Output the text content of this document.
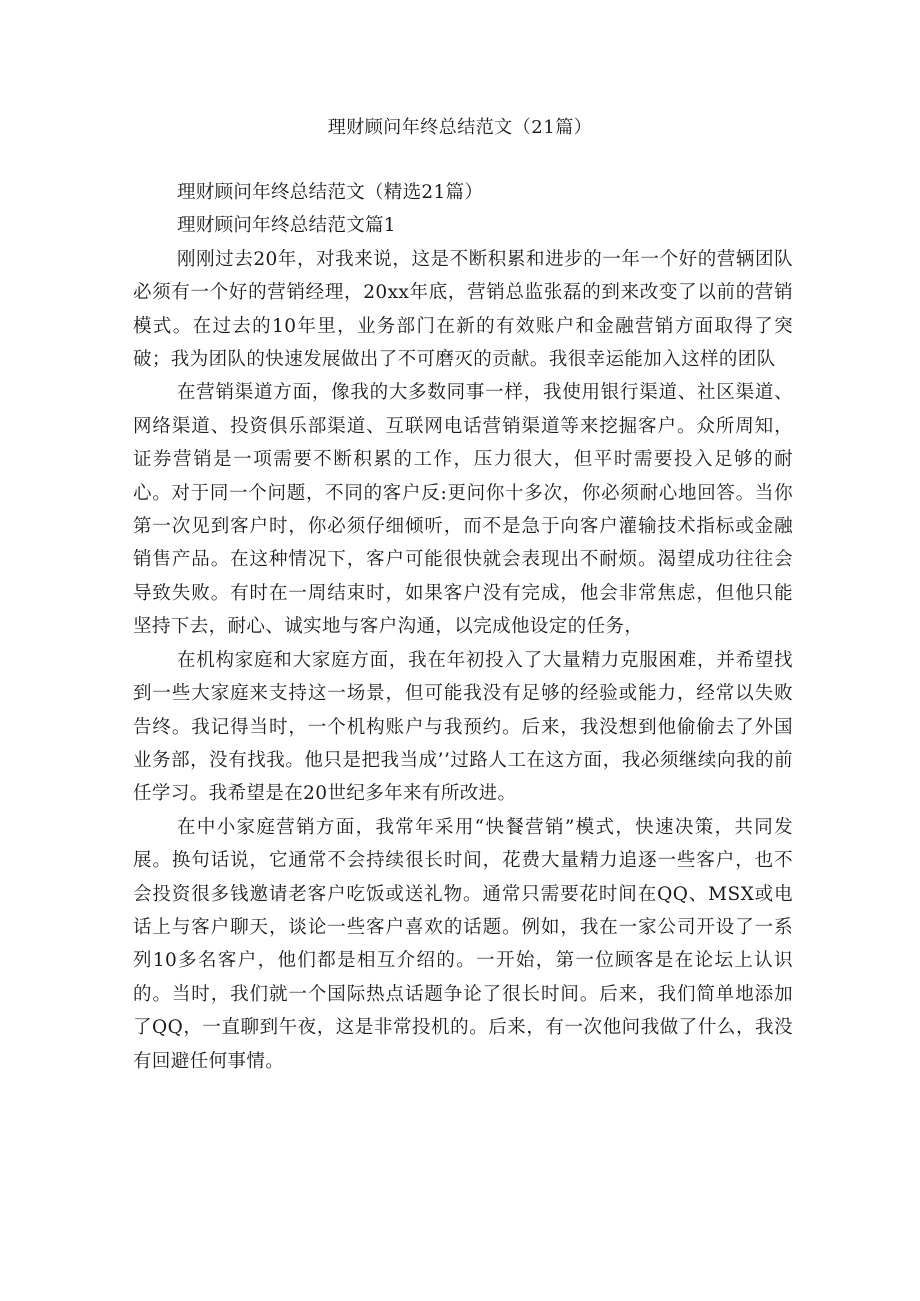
理财顾问年终总结范文（21篇）

理财顾问年终总结范文（精选21篇）

理财顾问年终总结范文篇1

刚刚过去20年，对我来说，这是不断积累和进步的一年一个好的营辆团队必须有一个好的营销经理，20xx年底，营销总监张磊的到来改变了以前的营销模式。在过去的10年里，业务部门在新的有效账户和金融营销方面取得了突破；我为团队的快速发展做出了不可磨灭的贡献。我很幸运能加入这样的团队

在营销渠道方面，像我的大多数同事一样，我使用银行渠道、社区渠道、网络渠道、投资俱乐部渠道、互联网电话营销渠道等来挖掘客户。众所周知，证券营销是一项需要不断积累的工作，压力很大，但平时需要投入足够的耐心。对于同一个问题，不同的客户反:更问你十多次，你必须耐心地回答。当你第一次见到客户时，你必须仔细倾听，而不是急于向客户灌输技术指标或金融销售产品。在这种情况下，客户可能很快就会表现出不耐烦。渴望成功往往会导致失败。有时在一周结束时，如果客户没有完成，他会非常焦虑，但他只能坚持下去，耐心、诚实地与客户沟通，以完成他设定的任务，

在机构家庭和大家庭方面，我在年初投入了大量精力克服困难，并希望找到一些大家庭来支持这一场景，但可能我没有足够的经验或能力，经常以失败告终。我记得当时，一个机构账户与我预约。后来，我没想到他偷偷去了外国业务部，没有找我。他只是把我当成’’过路人工在这方面，我必须继续向我的前任学习。我希望是在20世纪多年来有所改进。

在中小家庭营销方面，我常年采用“快餐营销”模式，快速决策，共同发展。换句话说，它通常不会持续很长时间，花费大量精力追逐一些客户，也不会投资很多钱邀请老客户吃饭或送礼物。通常只需要花时间在QQ、MSX或电话上与客户聊天，谈论一些客户喜欢的话题。例如，我在一家公司开设了一系列10多名客户，他们都是相互介绍的。一开始，第一位顾客是在论坛上认识的。当时，我们就一个国际热点话题争论了很长时间。后来，我们简单地添加了QQ，一直聊到午夜，这是非常投机的。后来，有一次他问我做了什么，我没有回避任何事情。
